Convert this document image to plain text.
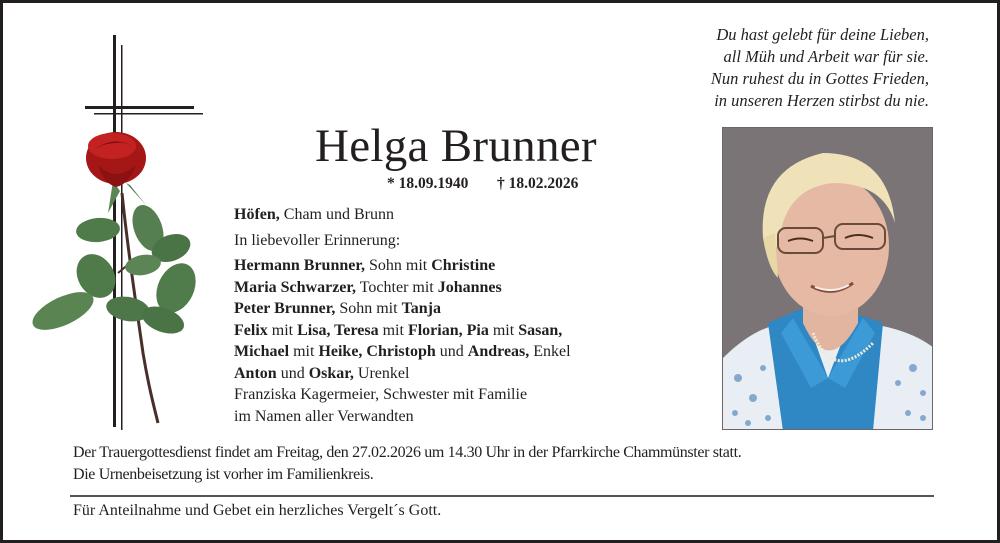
Du hast gelebt für deine Lieben,
all Müh und Arbeit war für sie.
Nun ruhest du in Gottes Frieden,
in unseren Herzen stirbst du nie.
Helga Brunner
* 18.09.1940 † 18.02.2026
Höfen, Cham und Brunn
In liebevoller Erinnerung:
Hermann Brunner, Sohn mit Christine
Maria Schwarzer, Tochter mit Johannes
Peter Brunner, Sohn mit Tanja
Felix mit Lisa, Teresa mit Florian, Pia mit Sasan,
Michael mit Heike, Christoph und Andreas, Enkel
Anton und Oskar, Urenkel
Franziska Kagermeier, Schwester mit Familie
im Namen aller Verwandten
Der Trauergottesdienst findet am Freitag, den 27.02.2026 um 14.30 Uhr in der Pfarrkirche Chammünster statt.
Die Urnenbeisetzung ist vorher im Familienkreis.
Für Anteilnahme und Gebet ein herzliches Vergelt´s Gott.
